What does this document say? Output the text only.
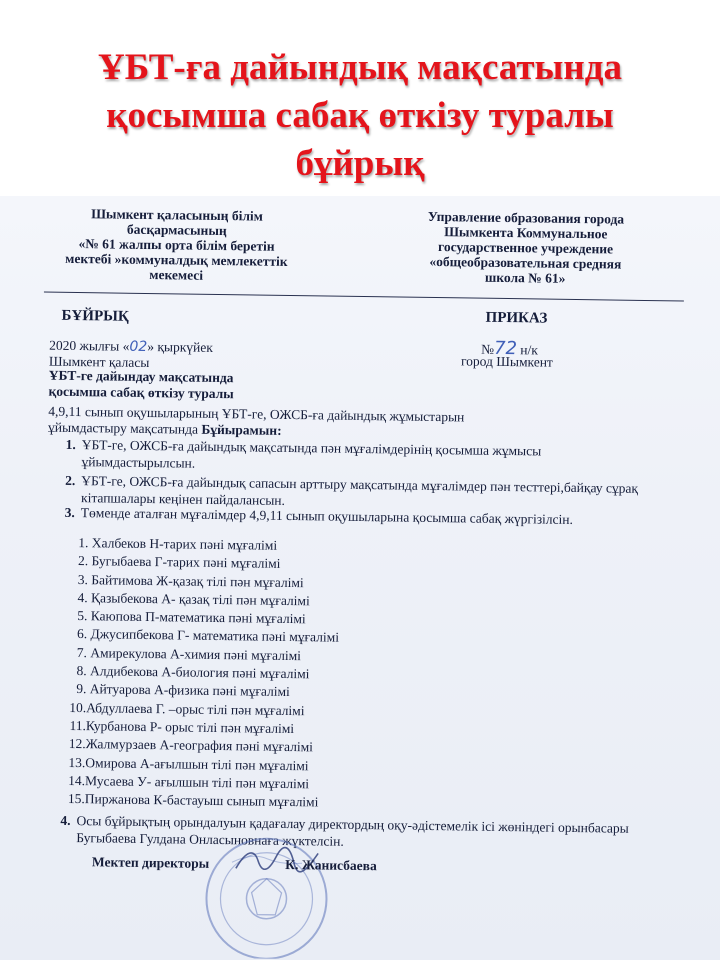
ҰБТ-ға дайындық мақсатында
қосымша сабақ өткізу туралы
бұйрық
Шымкент қаласының білім
басқармасының
«№ 61 жалпы орта білім беретін
мектебі »коммуналдық мемлекеттік
мекемесі
Управление образования города
Шымкента Коммунальное
государственное учреждение
«общеобразовательная средняя
школа № 61»
БҰЙРЫҚ	ПРИКАЗ
2020 жылғы «02» қыркүйек	№72 н/к
Шымкент қаласы	город Шымкент
ҰБТ-ге дайындау мақсатында
қосымша сабақ өткізу туралы
4,9,11 сынып оқушыларының ҰБТ-ге, ОЖСБ-ға дайындық жұмыстарын
ұйымдастыру мақсатында Бұйырамын:
1. ҰБТ-ге, ОЖСБ-ға дайындық мақсатында пән мұғалімдерінің қосымша жұмысы ұйымдастырылсын.
2. ҰБТ-ге, ОЖСБ-ға дайындық сапасын арттыру мақсатында мұғалімдер пән тесттері,байқау сұрақ кітапшалары кеңінен пайдалансын.
3. Төменде аталған мұғалімдер 4,9,11 сынып оқушыларына қосымша сабақ жүргізілсін.
1. Халбеков Н-тарих пәні мұғалімі
2. Бугыбаева Г-тарих пәні мұғалімі
3. Байтимова Ж-қазақ тілі пән мұғалімі
4. Қазыбекова А- қазақ тілі пән мұғалімі
5. Каюпова П-математика пәні мұғалімі
6. Джусипбекова Г- математика пәні мұғалімі
7. Амирекулова А-химия пәні мұғалімі
8. Алдибекова А-биология пәні мұғалімі
9. Айтуарова А-физика пәні мұғалімі
10.Абдуллаева Г. –орыс тілі пән мұғалімі
11.Курбанова Р- орыс тілі пән мұғалімі
12.Жалмурзаев А-география пәні мұғалімі
13.Омирова А-ағылшын тілі пән мұғалімі
14.Мусаева У- ағылшын тілі пән мұғалімі
15.Пиржанова К-бастауыш сынып мұғалімі
4. Осы бұйрықтың орындалуын қадағалау директордың оқу-әдістемелік ісі жөніндегі орынбасары Бугыбаева Гулдана Онласыновнаға жүктелсін.
Мектеп директоры	К. Жанисбаева
